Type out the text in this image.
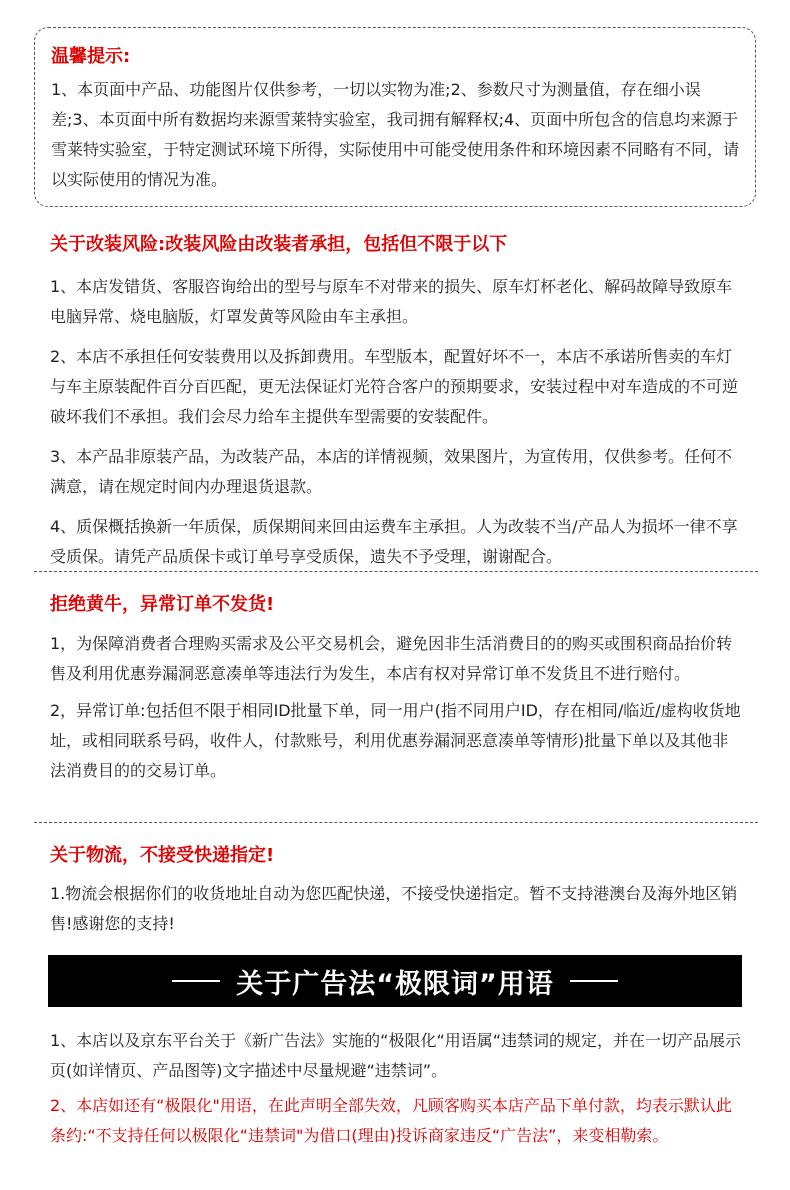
温馨提示:

1、本页面中产品、功能图片仅供参考，一切以实物为准;2、参数尺寸为测量值，存在细小误差;3、本页面中所有数据均来源雪莱特实验室，我司拥有解释权;4、页面中所包含的信息均来源于雪莱特实验室，于特定测试环境下所得，实际使用中可能受使用条件和环境因素不同略有不同，请以实际使用的情况为准。

关于改装风险:改装风险由改装者承担，包括但不限于以下

1、本店发错货、客服咨询给出的型号与原车不对带来的损失、原车灯杯老化、解码故障导致原车电脑异常、烧电脑版，灯罩发黄等风险由车主承担。

2、本店不承担任何安装费用以及拆卸费用。车型版本，配置好坏不一，本店不承诺所售卖的车灯与车主原装配件百分百匹配，更无法保证灯光符合客户的预期要求，安装过程中对车造成的不可逆破坏我们不承担。我们会尽力给车主提供车型需要的安装配件。

3、本产品非原装产品，为改装产品，本店的详情视频，效果图片，为宣传用，仅供参考。任何不满意，请在规定时间内办理退货退款。

4、质保概括换新一年质保，质保期间来回由运费车主承担。人为改装不当/产品人为损坏一律不享受质保。请凭产品质保卡或订单号享受质保，遗失不予受理，谢谢配合。

拒绝黄牛，异常订单不发货!

1，为保障消费者合理购买需求及公平交易机会，避免因非生活消费目的的购买或围积商品抬价转售及利用优惠券漏洞恶意凑单等违法行为发生，本店有权对异常订单不发货且不进行赔付。

2，异常订单:包括但不限于相同ID批量下单，同一用户(指不同用户ID，存在相同/临近/虚构收货地址，或相同联系号码，收件人，付款账号，利用优惠券漏洞恶意凑单等情形)批量下单以及其他非法消费目的的交易订单。

关于物流，不接受快递指定!

1.物流会根据你们的收货地址自动为您匹配快递，不接受快递指定。暂不支持港澳台及海外地区销售!感谢您的支持!

关于广告法“极限词”用语

1、本店以及京东平台关于《新广告法》实施的“极限化“用语属“违禁词的规定，并在一切产品展示页(如详情页、产品图等)文字描述中尽量规避“违禁词”。

2、本店如还有“极限化"用语，在此声明全部失效，凡顾客购买本店产品下单付款，均表示默认此条约:“不支持任何以极限化“违禁词"为借口(理由)投诉商家违反“广告法”，来变相勒索。
